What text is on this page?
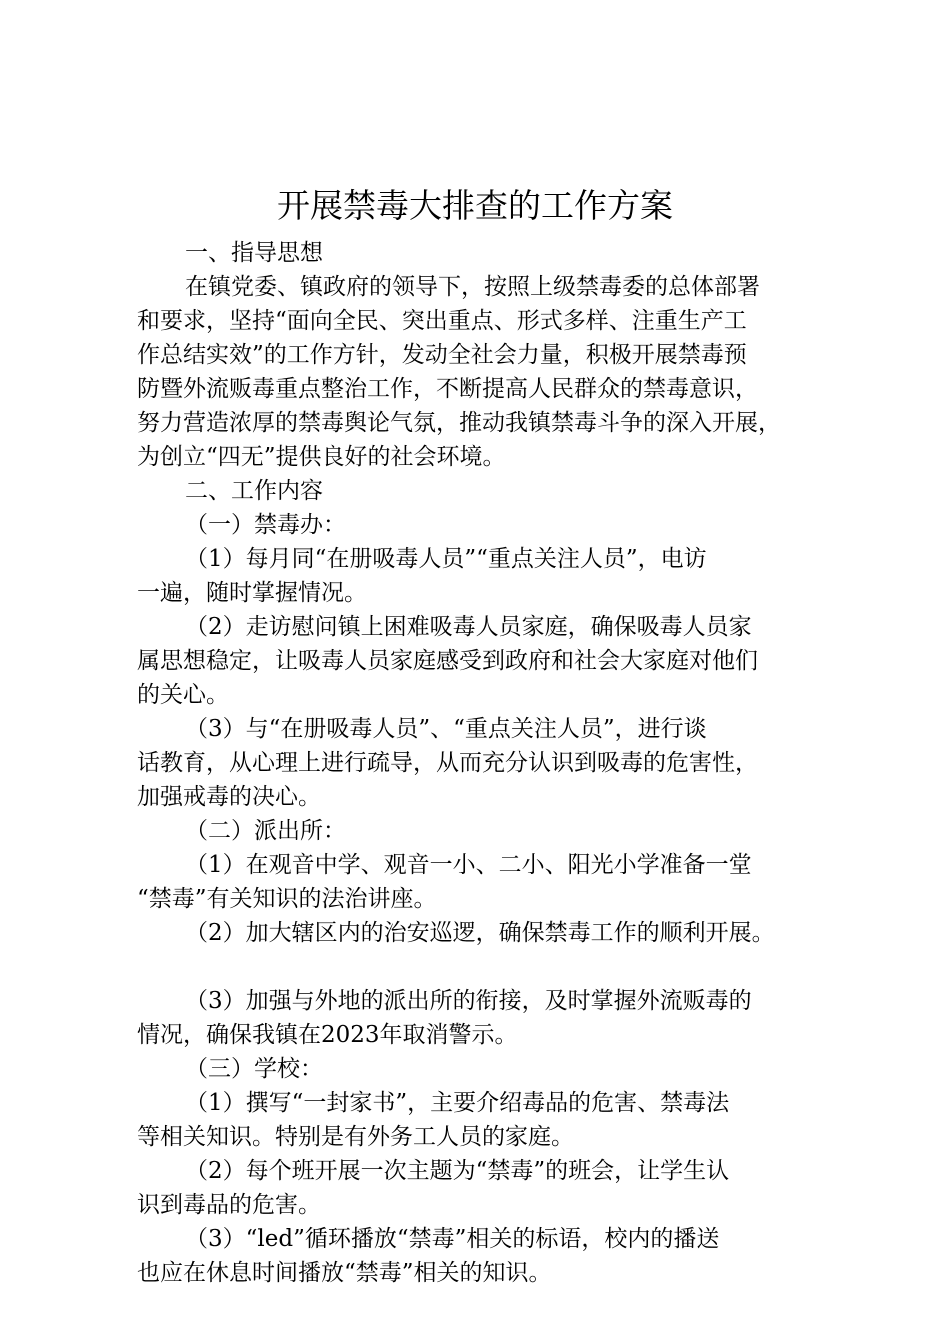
开展禁毒大排查的工作方案
一、指导思想
在镇党委、镇政府的领导下，按照上级禁毒委的总体部署
和要求，坚持“面向全民、突出重点、形式多样、注重生产工
作总结实效”的工作方针，发动全社会力量，积极开展禁毒预
防暨外流贩毒重点整治工作，不断提高人民群众的禁毒意识，
努力营造浓厚的禁毒舆论气氛，推动我镇禁毒斗争的深入开展，
为创立“四无”提供良好的社会环境。
二、工作内容
（一）禁毒办：
（1）每月同“在册吸毒人员”“重点关注人员”，电访
一遍，随时掌握情况。
（2）走访慰问镇上困难吸毒人员家庭，确保吸毒人员家
属思想稳定，让吸毒人员家庭感受到政府和社会大家庭对他们
的关心。
（3）与“在册吸毒人员”、“重点关注人员”，进行谈
话教育，从心理上进行疏导，从而充分认识到吸毒的危害性，
加强戒毒的决心。
（二）派出所：
（1）在观音中学、观音一小、二小、阳光小学准备一堂
“禁毒”有关知识的法治讲座。
（2）加大辖区内的治安巡逻，确保禁毒工作的顺利开展。
（3）加强与外地的派出所的衔接，及时掌握外流贩毒的
情况，确保我镇在2023年取消警示。
（三）学校：
（1）撰写“一封家书”，主要介绍毒品的危害、禁毒法
等相关知识。特别是有外务工人员的家庭。
（2）每个班开展一次主题为“禁毒”的班会，让学生认
识到毒品的危害。
（3）“led”循环播放“禁毒”相关的标语，校内的播送
也应在休息时间播放“禁毒”相关的知识。
